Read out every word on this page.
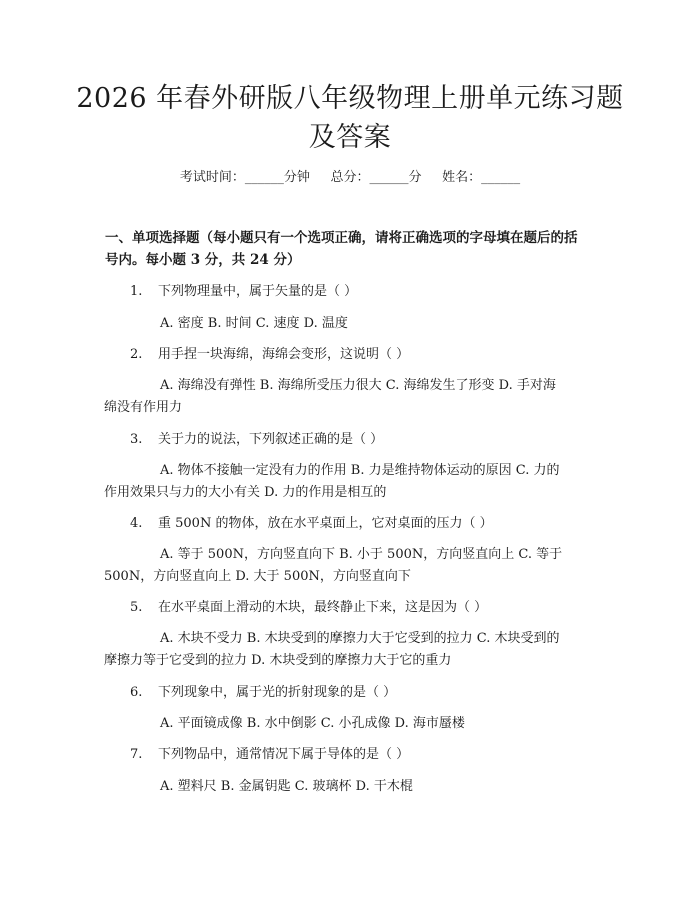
2026 年春外研版八年级物理上册单元练习题
及答案
考试时间：______分钟     总分：______分     姓名：______
一、单项选择题（每小题只有一个选项正确，请将正确选项的字母填在题后的括
号内。每小题 3 分，共 24 分）
1.	下列物理量中，属于矢量的是（ ）
A. 密度 B. 时间 C. 速度 D. 温度
2.	用手捏一块海绵，海绵会变形，这说明（ ）
A. 海绵没有弹性 B. 海绵所受压力很大 C. 海绵发生了形变 D. 手对海
绵没有作用力
3.	关于力的说法，下列叙述正确的是（ ）
A. 物体不接触一定没有力的作用 B. 力是维持物体运动的原因 C. 力的
作用效果只与力的大小有关 D. 力的作用是相互的
4.	重 500N 的物体，放在水平桌面上，它对桌面的压力（ ）
A. 等于 500N，方向竖直向下 B. 小于 500N，方向竖直向上 C. 等于
500N，方向竖直向上 D. 大于 500N，方向竖直向下
5.	在水平桌面上滑动的木块，最终静止下来，这是因为（ ）
A. 木块不受力 B. 木块受到的摩擦力大于它受到的拉力 C. 木块受到的
摩擦力等于它受到的拉力 D. 木块受到的摩擦力大于它的重力
6.	下列现象中，属于光的折射现象的是（ ）
A. 平面镜成像 B. 水中倒影 C. 小孔成像 D. 海市蜃楼
7.	下列物品中，通常情况下属于导体的是（ ）
A. 塑料尺 B. 金属钥匙 C. 玻璃杯 D. 干木棍
